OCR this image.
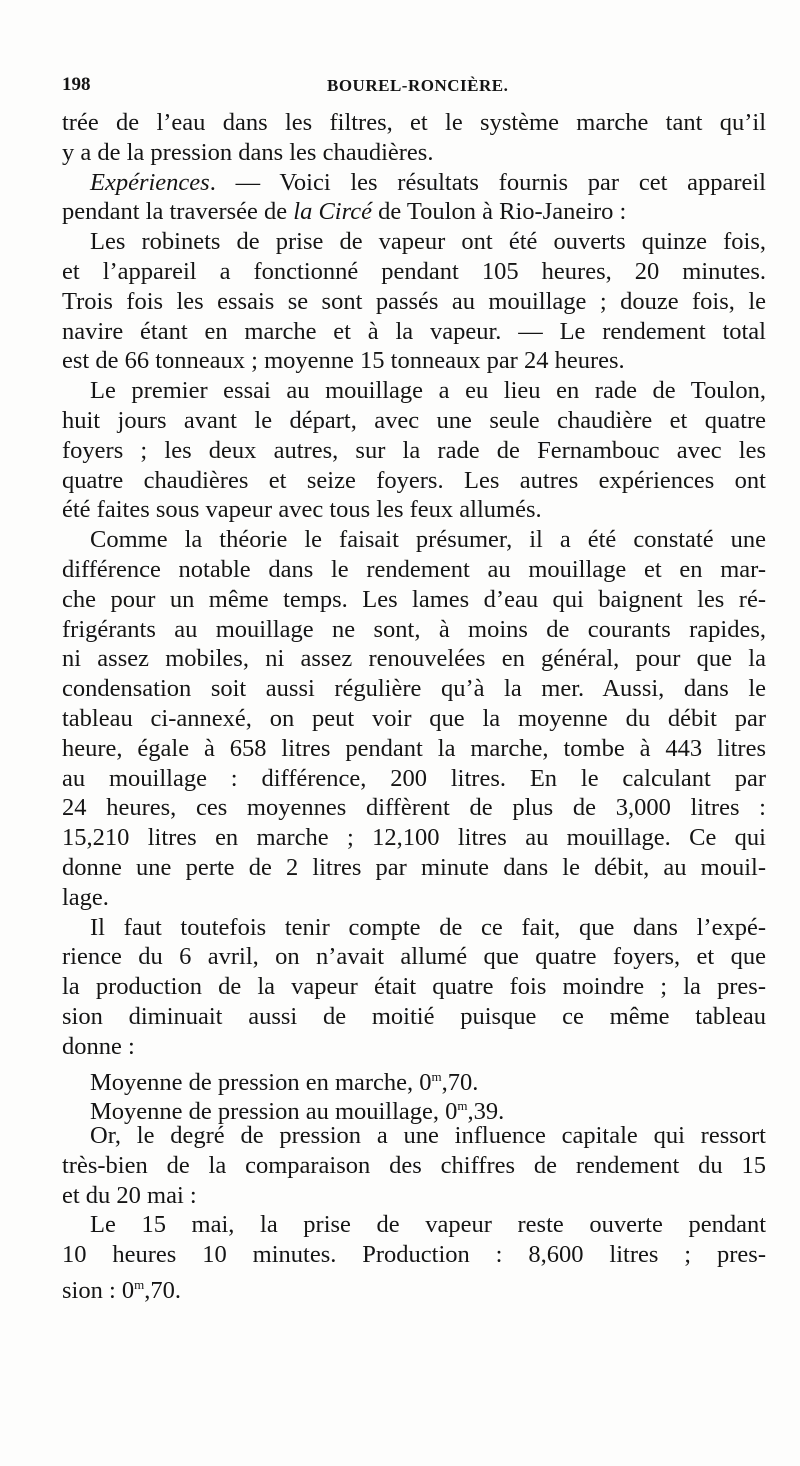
198	BOUREL-RONCIÈRE.
trée de l’eau dans les filtres, et le système marche tant qu’il
y a de la pression dans les chaudières.
Expériences. — Voici les résultats fournis par cet appareil
pendant la traversée de la Circé de Toulon à Rio-Janeiro :
Les robinets de prise de vapeur ont été ouverts quinze fois,
et l’appareil a fonctionné pendant 105 heures, 20 minutes.
Trois fois les essais se sont passés au mouillage ; douze fois, le
navire étant en marche et à la vapeur. — Le rendement total
est de 66 tonneaux ; moyenne 15 tonneaux par 24 heures.
Le premier essai au mouillage a eu lieu en rade de Toulon,
huit jours avant le départ, avec une seule chaudière et quatre
foyers ; les deux autres, sur la rade de Fernambouc avec les
quatre chaudières et seize foyers. Les autres expériences ont
été faites sous vapeur avec tous les feux allumés.
Comme la théorie le faisait présumer, il a été constaté une
différence notable dans le rendement au mouillage et en mar-
che pour un même temps. Les lames d’eau qui baignent les ré-
frigérants au mouillage ne sont, à moins de courants rapides,
ni assez mobiles, ni assez renouvelées en général, pour que la
condensation soit aussi régulière qu’à la mer. Aussi, dans le
tableau ci-annexé, on peut voir que la moyenne du débit par
heure, égale à 658 litres pendant la marche, tombe à 443 litres
au mouillage : différence, 200 litres. En le calculant par
24 heures, ces moyennes diffèrent de plus de 3,000 litres :
15,210 litres en marche ; 12,100 litres au mouillage. Ce qui
donne une perte de 2 litres par minute dans le débit, au mouil-
lage.
Il faut toutefois tenir compte de ce fait, que dans l’expé-
rience du 6 avril, on n’avait allumé que quatre foyers, et que
la production de la vapeur était quatre fois moindre ; la pres-
sion diminuait aussi de moitié puisque ce même tableau
donne :
Moyenne de pression en marche, 0$^m$,70.
Moyenne de pression au mouillage, 0$^m$,39.
Or, le degré de pression a une influence capitale qui ressort
très-bien de la comparaison des chiffres de rendement du 15
et du 20 mai :
Le 15 mai, la prise de vapeur reste ouverte pendant
10 heures 10 minutes. Production : 8,600 litres ; pres-
sion : 0$^m$,70.
